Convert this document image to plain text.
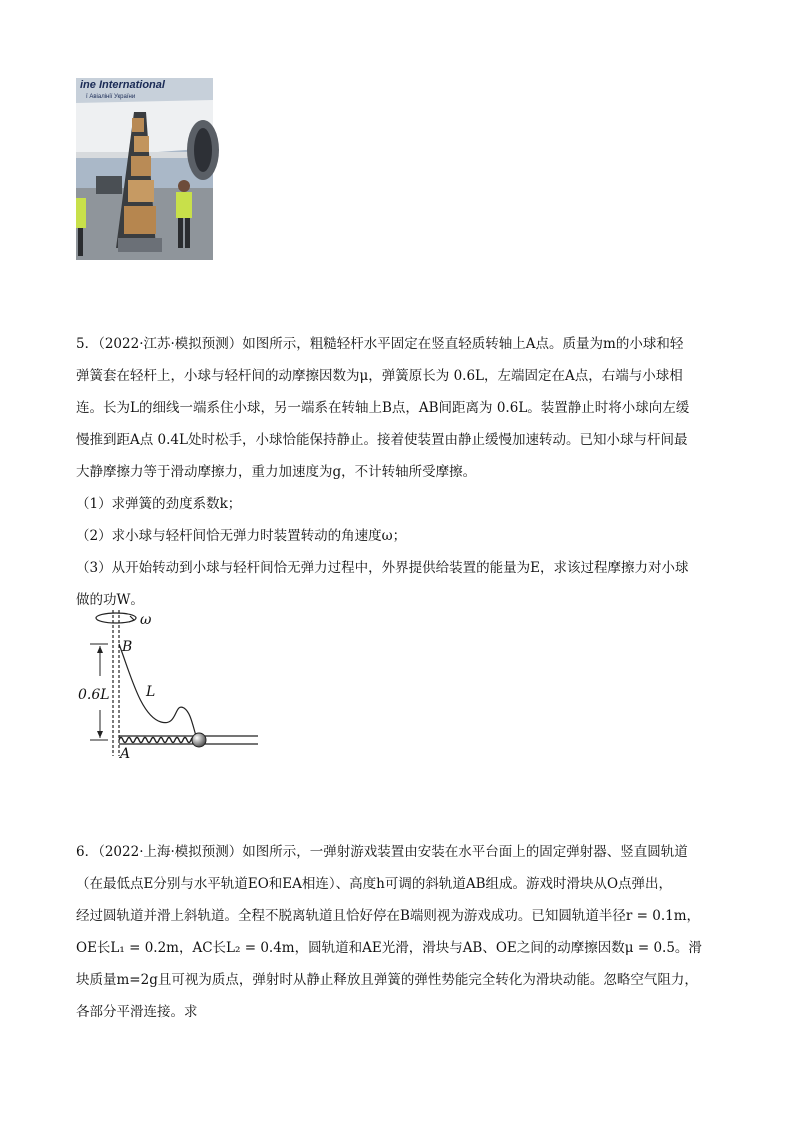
ine International
ї Авіалінії України
5．（2022·江苏·模拟预测）如图所示，粗糙轻杆水平固定在竖直轻质转轴上A点。质量为m的小球和轻
弹簧套在轻杆上，小球与轻杆间的动摩擦因数为μ，弹簧原长为 0.6L，左端固定在A点，右端与小球相
连。长为L的细线一端系住小球，另一端系在转轴上B点，AB间距离为 0.6L。装置静止时将小球向左缓
慢推到距A点 0.4L处时松手，小球恰能保持静止。接着使装置由静止缓慢加速转动。已知小球与杆间最
大静摩擦力等于滑动摩擦力，重力加速度为g，不计转轴所受摩擦。
（1）求弹簧的劲度系数k；
（2）求小球与轻杆间恰无弹力时装置转动的角速度ω；
（3）从开始转动到小球与轻杆间恰无弹力过程中，外界提供给装置的能量为E，求该过程摩擦力对小球
做的功W。
ω
B
0.6L	L
A
6．（2022·上海·模拟预测）如图所示，一弹射游戏装置由安装在水平台面上的固定弹射器、竖直圆轨道
（在最低点E分别与水平轨道EO和EA相连）、高度h可调的斜轨道AB组成。游戏时滑块从O点弹出，
经过圆轨道并滑上斜轨道。全程不脱离轨道且恰好停在B端则视为游戏成功。已知圆轨道半径r = 0.1m，
OE长L₁ = 0.2m，AC长L₂ = 0.4m，圆轨道和AE光滑，滑块与AB、OE之间的动摩擦因数μ = 0.5。滑
块质量m=2g且可视为质点，弹射时从静止释放且弹簧的弹性势能完全转化为滑块动能。忽略空气阻力，
各部分平滑连接。求
